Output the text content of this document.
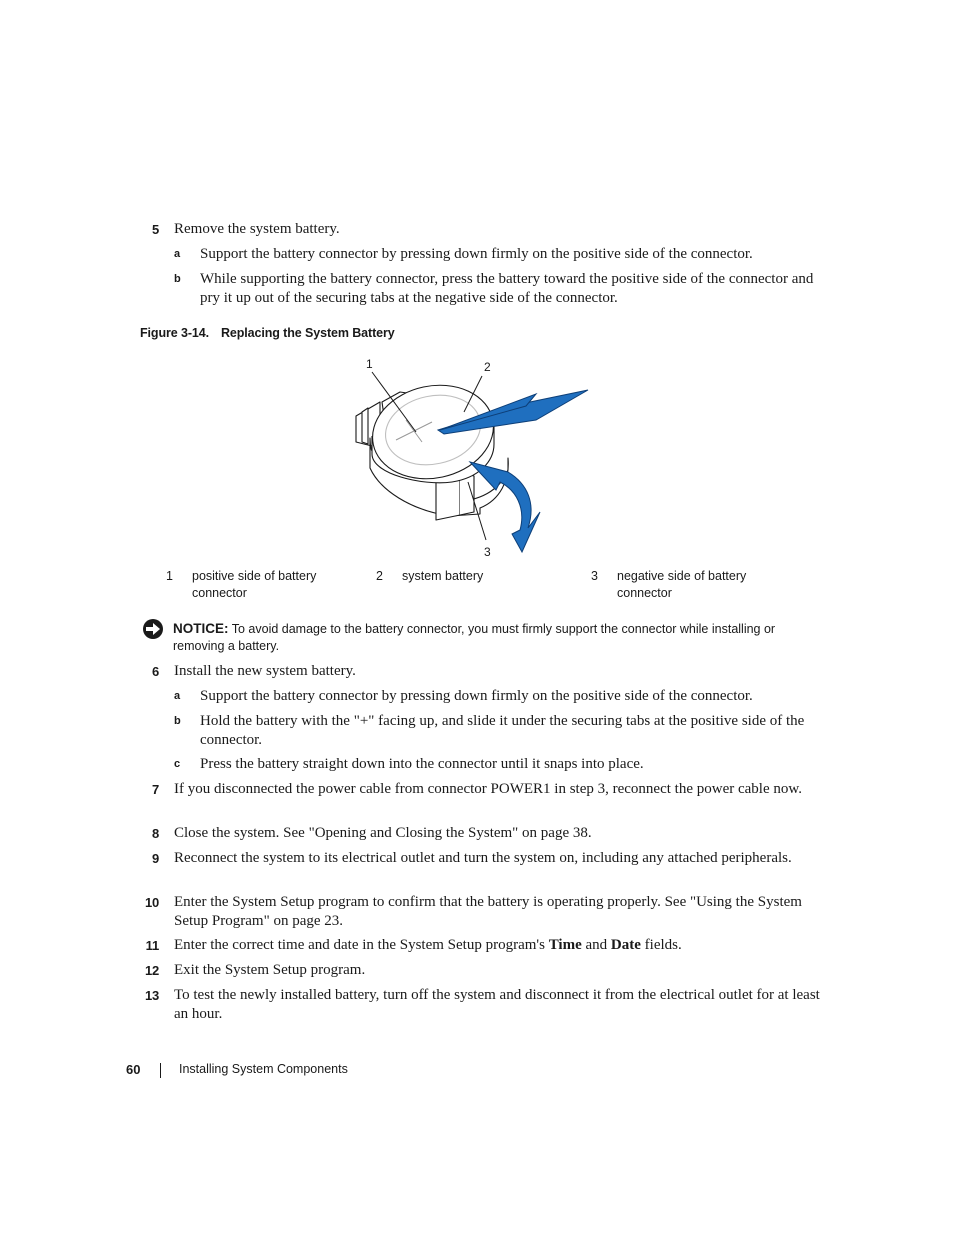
5 Remove the system battery.
a Support the battery connector by pressing down firmly on the positive side of the connector.
b While supporting the battery connector, press the battery toward the positive side of the connector and pry it up out of the securing tabs at the negative side of the connector.
Figure 3-14. Replacing the System Battery
1	2
3
1 positive side of battery connector
2 system battery	3 negative side of battery connector
NOTICE: To avoid damage to the battery connector, you must firmly support the connector while installing or removing a battery.
6 Install the new system battery.
a Support the battery connector by pressing down firmly on the positive side of the connector.
b Hold the battery with the "+" facing up, and slide it under the securing tabs at the positive side of the connector.
c Press the battery straight down into the connector until it snaps into place.
7 If you disconnected the power cable from connector POWER1 in step 3, reconnect the power cable now.
8 Close the system. See "Opening and Closing the System" on page 38.
9 Reconnect the system to its electrical outlet and turn the system on, including any attached peripherals.
10 Enter the System Setup program to confirm that the battery is operating properly. See "Using the System Setup Program" on page 23.
11 Enter the correct time and date in the System Setup program's Time and Date fields.
12 Exit the System Setup program.
13 To test the newly installed battery, turn off the system and disconnect it from the electrical outlet for at least an hour.
60	Installing System Components
